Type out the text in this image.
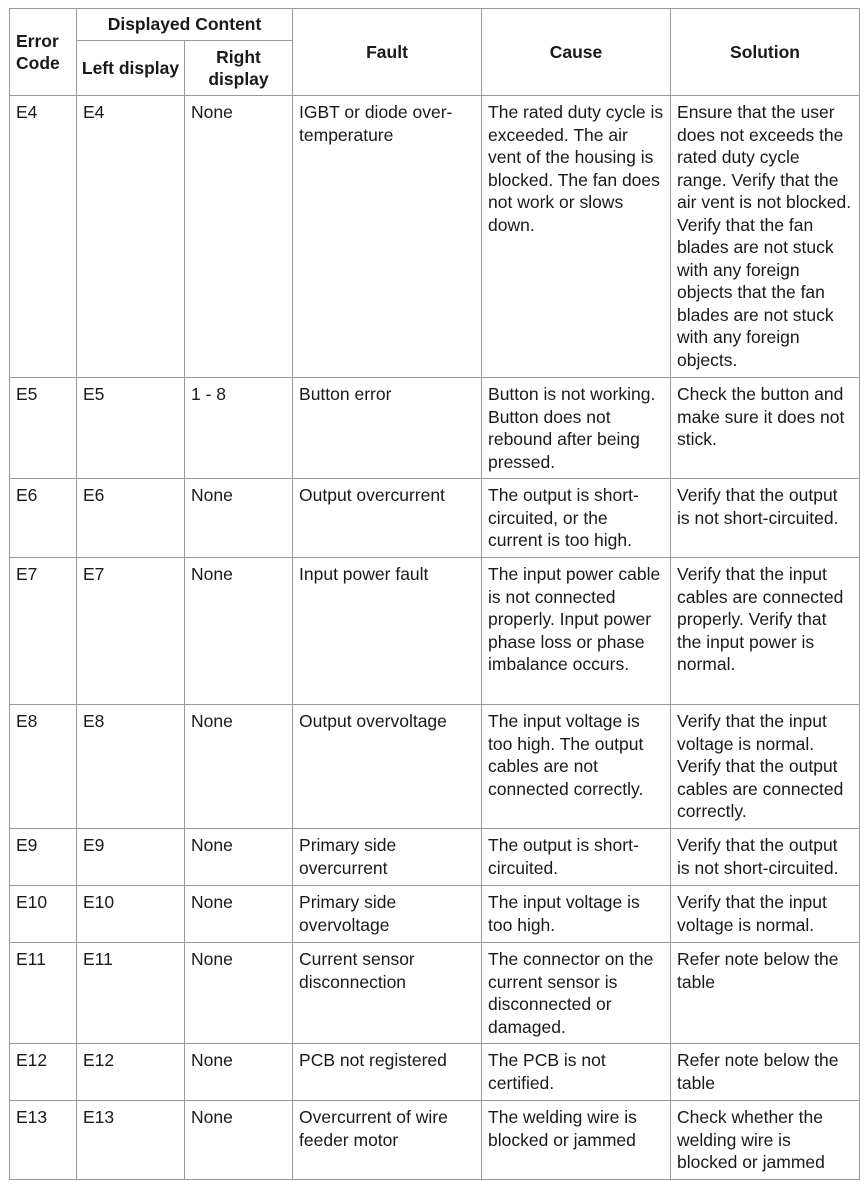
Error Code	Displayed Content		Fault	Cause	Solution
	Left display	Right display			
E4	E4	None	IGBT or diode over-temperature	The rated duty cycle is exceeded. The air vent of the housing is blocked. The fan does not work or slows down.	Ensure that the user does not exceeds the rated duty cycle range. Verify that the air vent is not blocked. Verify that the fan blades are not stuck with any foreign objects that the fan blades are not stuck with any foreign objects.
E5	E5	1 - 8	Button error	Button is not working. Button does not rebound after being pressed.	Check the button and make sure it does not stick.
E6	E6	None	Output overcurrent	The output is short-circuited, or the current is too high.	Verify that the output is not short-circuited.
E7	E7	None	Input power fault	The input power cable is not connected properly. Input power phase loss or phase imbalance occurs.	Verify that the input cables are connected properly. Verify that the input power is normal.
E8	E8	None	Output overvoltage	The input voltage is too high. The output cables are not connected correctly.	Verify that the input voltage is normal. Verify that the output cables are connected correctly.
E9	E9	None	Primary side overcurrent	The output is short-circuited.	Verify that the output is not short-circuited.
E10	E10	None	Primary side overvoltage	The input voltage is too high.	Verify that the input voltage is normal.
E11	E11	None	Current sensor disconnection	The connector on the current sensor is disconnected or damaged.	Refer note below the table
E12	E12	None	PCB not registered	The PCB is not certified.	Refer note below the table
E13	E13	None	Overcurrent of wire feeder motor	The welding wire is blocked or jammed	Check whether the welding wire is blocked or jammed
